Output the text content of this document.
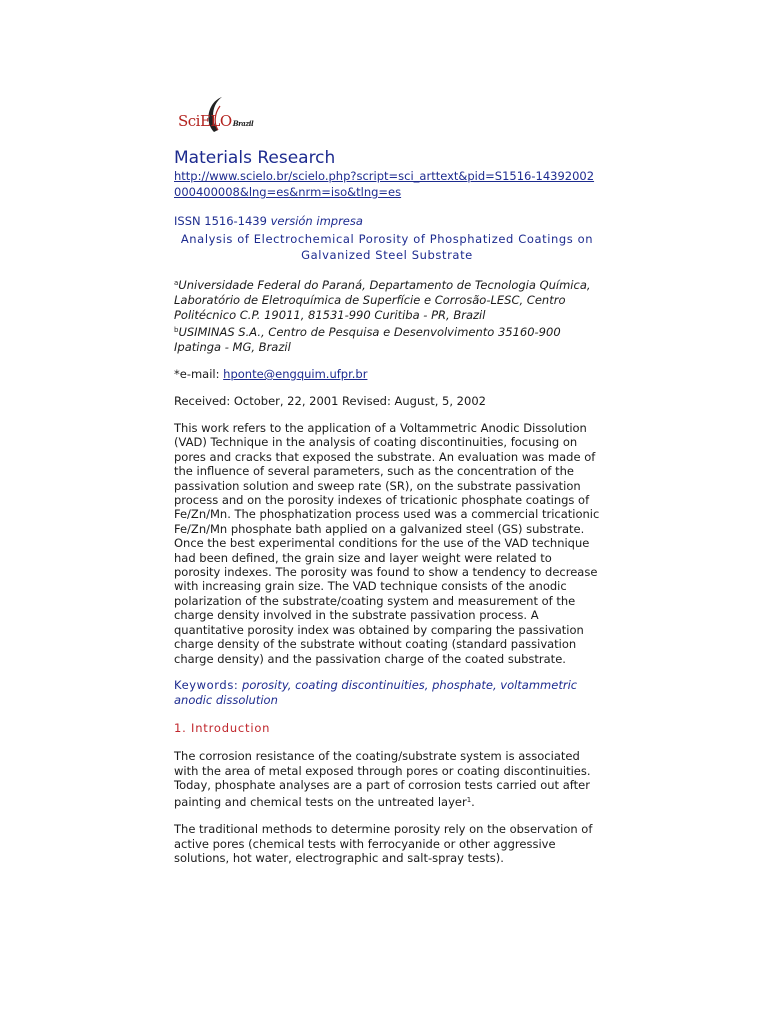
SciELOBrazil
Materials Research
http://www.scielo.br/scielo.php?script=sci_arttext&pid=S1516-14392002000400008&lng=es&nrm=iso&tlng=es
ISSN 1516-1439 versión impresa
Analysis of Electrochemical Porosity of Phosphatized Coatings on Galvanized Steel Substrate
$^a$Universidade Federal do Paraná, Departamento de Tecnologia Química, Laboratório de Eletroquímica de Superfície e Corrosão-LESC, Centro Politécnico C.P. 19011, 81531-990 Curitiba - PR, Brazil
$^b$USIMINAS S.A., Centro de Pesquisa e Desenvolvimento 35160-900 Ipatinga - MG, Brazil
*e-mail: hponte@engquim.ufpr.br
Received: October, 22, 2001 Revised: August, 5, 2002
This work refers to the application of a Voltammetric Anodic Dissolution (VAD) Technique in the analysis of coating discontinuities, focusing on pores and cracks that exposed the substrate. An evaluation was made of the influence of several parameters, such as the concentration of the passivation solution and sweep rate (SR), on the substrate passivation process and on the porosity indexes of tricationic phosphate coatings of Fe/Zn/Mn. The phosphatization process used was a commercial tricationic Fe/Zn/Mn phosphate bath applied on a galvanized steel (GS) substrate. Once the best experimental conditions for the use of the VAD technique had been defined, the grain size and layer weight were related to porosity indexes. The porosity was found to show a tendency to decrease with increasing grain size. The VAD technique consists of the anodic polarization of the substrate/coating system and measurement of the charge density involved in the substrate passivation process. A quantitative porosity index was obtained by comparing the passivation charge density of the substrate without coating (standard passivation charge density) and the passivation charge of the coated substrate.
Keywords: porosity, coating discontinuities, phosphate, voltammetric anodic dissolution
1. Introduction
The corrosion resistance of the coating/substrate system is associated with the area of metal exposed through pores or coating discontinuities. Today, phosphate analyses are a part of corrosion tests carried out after painting and chemical tests on the untreated layer$^1$.
The traditional methods to determine porosity rely on the observation of active pores (chemical tests with ferrocyanide or other aggressive solutions, hot water, electrographic and salt-spray tests).
